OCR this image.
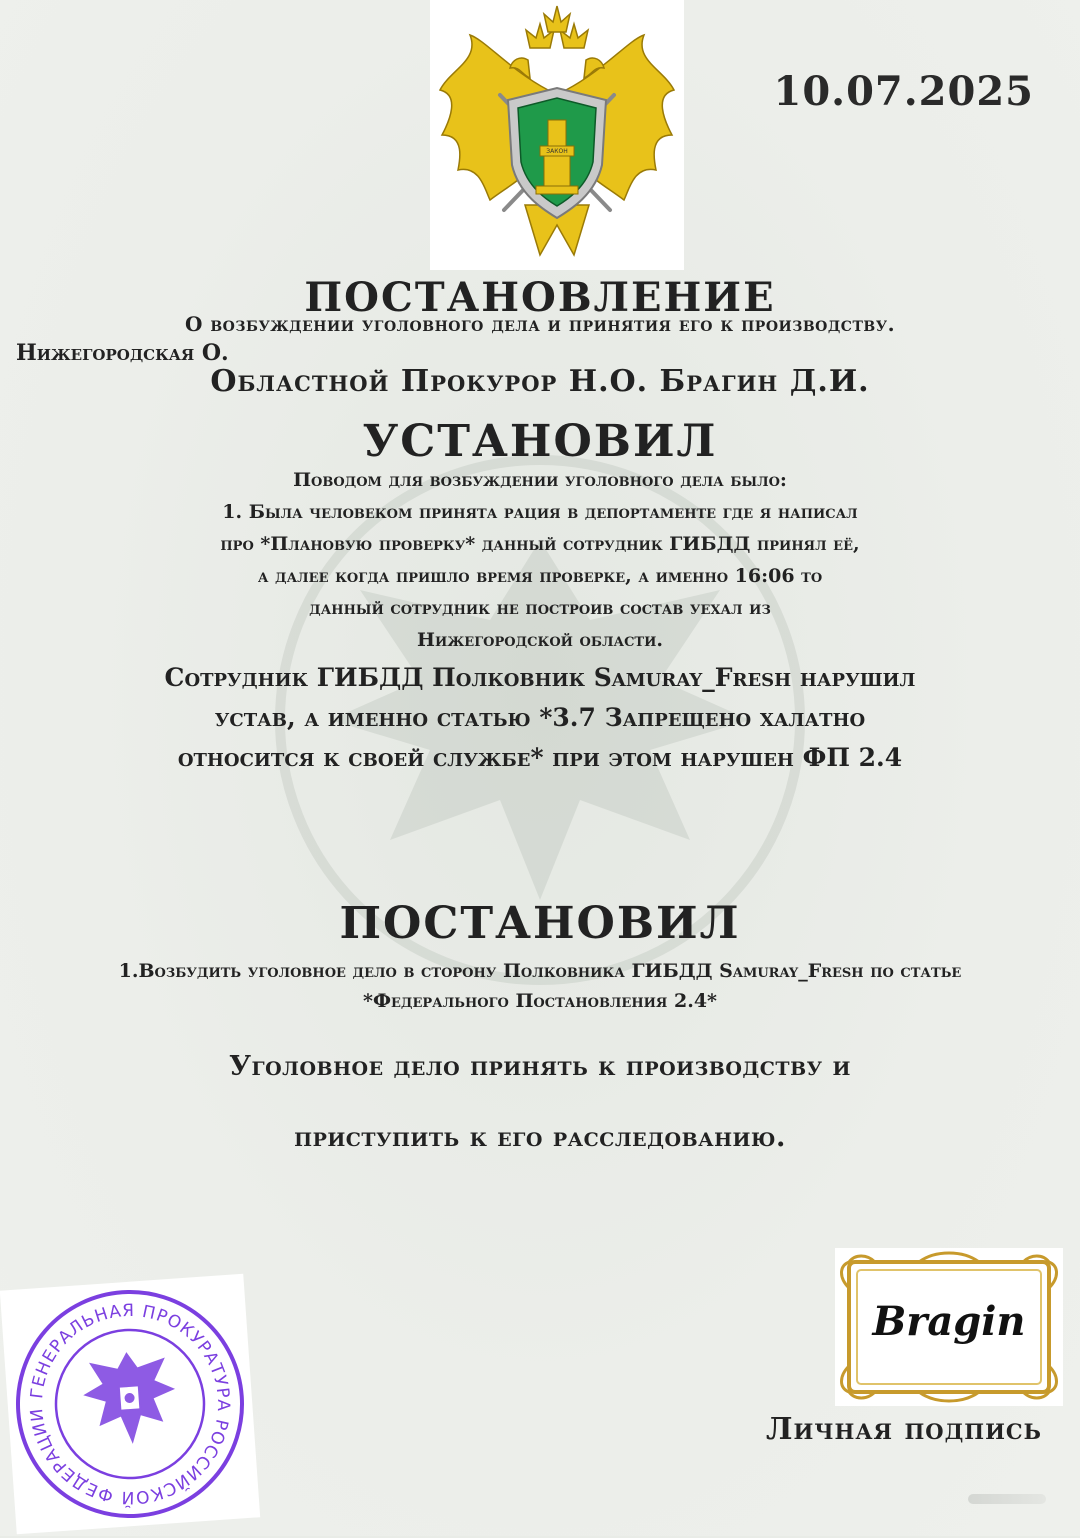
ЗАКОН
10.07.2025
ПОСТАНОВЛЕНИЕ
О возбуждении уголовного дела и принятия его к производству.
Нижегородская О.
Областной Прокурор Н.О. Брагин Д.И.
УСТАНОВИЛ

Поводом для возбуждении уголовного дела было:

1. Была человеком принята рация в депортаменте где я написал

про *Плановую проверку* данный сотрудник ГИБДД принял её,

а далее когда пришло время проверке, а именно 16:06 то

данный сотрудник не построив состав уехал из

Нижегородской области.

Сотрудник ГИБДД Полковник Samuray_Fresh нарушил

устав, а именно статью *3.7 Запрещено халатно

относится к своей службе* при этом нарушен ФП 2.4

ПОСТАНОВИЛ

1.Возбудить уголовное дело в сторону Полковника ГИБДД Samuray_Fresh по статье

*Федерального Постановления 2.4*

Уголовное дело принять к производству и

приступить к его расследованию.

ГЕНЕРАЛЬНАЯ ПРОКУРАТУРА РОССИЙСКОЙ ФЕДЕРАЦИИ
Bragin
Личная подпись
